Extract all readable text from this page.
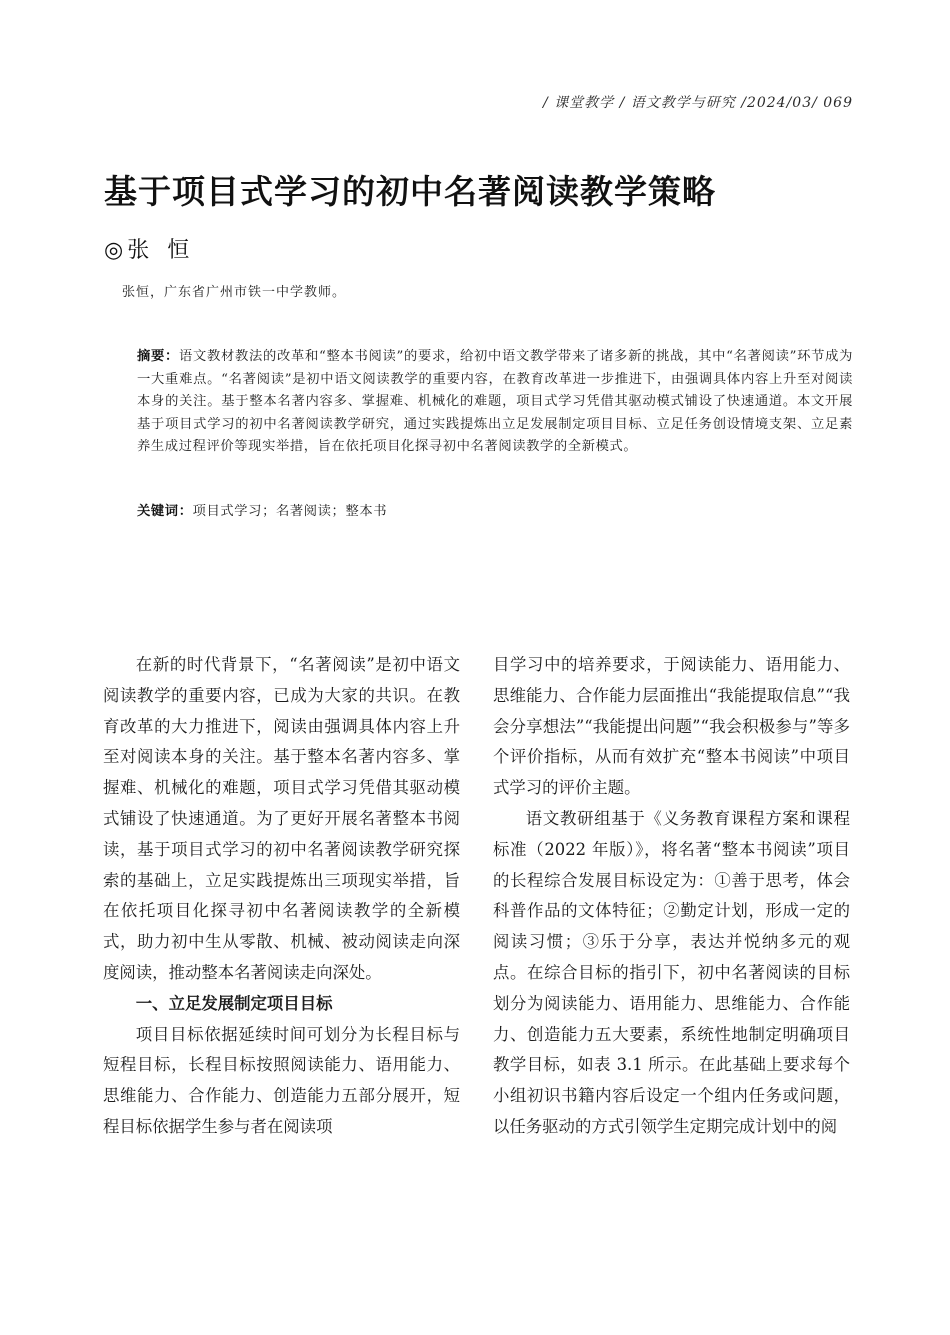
/ 课堂教学 / 语文教学与研究 /2024/03/ 069
基于项目式学习的初中名著阅读教学策略
◎ 张恒
张恒，广东省广州市铁一中学教师。
摘要：语文教材教法的改革和“整本书阅读”的要求，给初中语文教学带来了诸多新的挑战，其中“名著阅读”环节成为一大重难点。“名著阅读”是初中语文阅读教学的重要内容，在教育改革进一步推进下，由强调具体内容上升至对阅读本身的关注。基于整本名著内容多、掌握难、机械化的难题，项目式学习凭借其驱动模式铺设了快速通道。本文开展基于项目式学习的初中名著阅读教学研究，通过实践提炼出立足发展制定项目目标、立足任务创设情境支架、立足素养生成过程评价等现实举措，旨在依托项目化探寻初中名著阅读教学的全新模式。
关键词：项目式学习；名著阅读；整本书

在新的时代背景下，“名著阅读”是初中语文阅读教学的重要内容，已成为大家的共识。在教育改革的大力推进下，阅读由强调具体内容上升至对阅读本身的关注。基于整本名著内容多、掌握难、机械化的难题，项目式学习凭借其驱动模式铺设了快速通道。为了更好开展名著整本书阅读，基于项目式学习的初中名著阅读教学研究探索的基础上，立足实践提炼出三项现实举措，旨在依托项目化探寻初中名著阅读教学的全新模式，助力初中生从零散、机械、被动阅读走向深度阅读，推动整本名著阅读走向深处。

一、立足发展制定项目目标

项目目标依据延续时间可划分为长程目标与短程目标，长程目标按照阅读能力、语用能力、思维能力、合作能力、创造能力五部分展开，短程目标依据学生参与者在阅读项

目学习中的培养要求，于阅读能力、语用能力、思维能力、合作能力层面推出“我能提取信息”“我会分享想法”“我能提出问题”“我会积极参与”等多个评价指标，从而有效扩充“整本书阅读”中项目式学习的评价主题。

语文教研组基于《义务教育课程方案和课程标准（2022 年版）》，将名著“整本书阅读”项目的长程综合发展目标设定为：①善于思考，体会科普作品的文体特征；②勤定计划，形成一定的阅读习惯；③乐于分享，表达并悦纳多元的观点。在综合目标的指引下，初中名著阅读的目标划分为阅读能力、语用能力、思维能力、合作能力、创造能力五大要素，系统性地制定明确项目教学目标，如表 3.1 所示。在此基础上要求每个小组初识书籍内容后设定一个组内任务或问题，以任务驱动的方式引领学生定期完成计划中的阅
